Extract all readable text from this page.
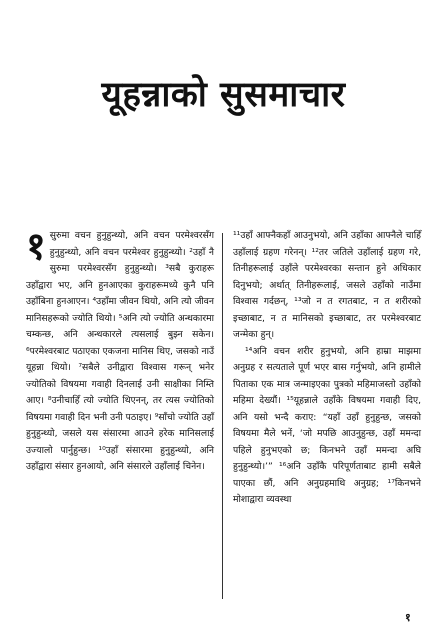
यूहन्नाको सुसमाचार

१ सुरुमा वचन हुनुहुन्थ्यो, अनि वचन परमेश्‍वरसँग हुनुहुन्थ्यो, अनि वचन परमेश्‍वर हुनुहुन्थ्यो। ²उहाँ नै सुरुमा परमेश्‍वरसँग हुनुहुन्थ्यो। ³सबै कुराहरू उहाँद्वारा भए, अनि हुनआएका कुराहरूमध्ये कुनै पनि उहाँबिना हुनआएन। ⁴उहाँमा जीवन थियो, अनि त्यो जीवन मानिसहरूको ज्योति थियो। ⁵अनि त्यो ज्योति अन्धकारमा चम्कन्छ, अनि अन्धकारले त्यसलाई बुझ्न सकेन। ⁶परमेश्‍वरबाट पठाएका एकजना मानिस थिए, जसको नाउँ यूहन्ना थियो। ⁷सबैले उनीद्वारा विश्‍वास गरून् भनेर ज्योतिको विषयमा गवाही दिनलाई उनी साक्षीका निम्ति आए। ⁸उनीचाहिँ त्यो ज्योति थिएनन्, तर त्यस ज्योतिको विषयमा गवाही दिन भनी उनी पठाइए। ⁹साँचो ज्योति उहाँ हुनुहुन्थ्यो, जसले यस संसारमा आउने हरेक मानिसलाई उज्यालो पार्नुहुन्छ। ¹⁰उहाँ संसारमा हुनुहुन्थ्यो, अनि उहाँद्वारा संसार हुनआयो, अनि संसारले उहाँलाई चिनेन।

¹¹उहाँ आफ्नैकहाँ आउनुभयो, अनि उहाँका आफ्नैले चाहिँ उहाँलाई ग्रहण गरेनन्। ¹²तर जतिले उहाँलाई ग्रहण गरे, तिनीहरूलाई उहाँले परमेश्‍वरका सन्तान हुने अधिकार दिनुभयो; अर्थात् तिनीहरूलाई, जसले उहाँको नाउँमा विश्‍वास गर्दछन्, ¹³जो न त रगतबाट, न त शरीरको इच्छाबाट, न त मानिसको इच्छाबाट, तर परमेश्‍वरबाट जन्मेका हुन्।

¹⁴अनि वचन शरीर हुनुभयो, अनि हाम्रा माझमा अनुग्रह र सत्यताले पूर्ण भएर बास गर्नुभयो, अनि हामीले पिताका एक मात्र जन्माइएका पुत्रको महिमाजस्तो उहाँको महिमा देख्यौं। ¹⁵यूहन्नाले उहाँके विषयमा गवाही दिए, अनि यसो भन्दै कराए: “यहाँ उहाँ हुनुहुन्छ, जसको विषयमा मैले भनें, ‘जो मपछि आउनुहुन्छ, उहाँ ममन्दा पहिले हुनुभएको छ; किनभने उहाँ ममन्दा अघि हुनुहुन्थ्यो।’” ¹⁶अनि उहाँकै परिपूर्णताबाट हामी सबैले पाएका छौं, अनि अनुग्रहमाथि अनुग्रह; ¹⁷किनभने मोशाद्वारा व्यवस्था

१
